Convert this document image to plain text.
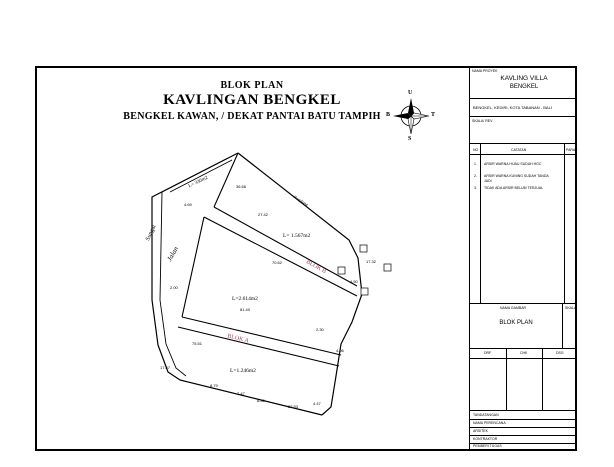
BLOK PLAN
KAVLINGAN BENGKEL
BENGKEL KAWAN, / DEKAT PANTAI BATU TAMPIH
36.66
27.42
17.32
4.50
70.62
81.40
2.00
75.51
8.79
7.47
8.46
22.93
4.47
17.57
4.69
2.30
4.06
Sungai
Jalan
L= 330m2
L= 1.567m2
L=2.614m2
L=1.246m2
BLOK B
BLOK A
Pangkung
U
S
B	T
NAMA PROYEK
KAVLING VILLA
BENGKEL
BENGKEL, KEDIRI, KOTA TABANAN - BALI
SKALA/ REV
NO	CATATAN	PARAF
1. ARSIR WARNA HIJAU SUDAH HGC
2. ARSIR WARNA KUNING SUDAH TANDA JADI
3. TIDAK ADA ARSIR BELUM TERJUAL
NAMA GAMBAR	SKALA
BLOK PLAN
DRF	CHK	DSG
TANDATANGAN
NAMA PERENCANA
ARSITEK
KONTRAKTOR
PEMBERI TUGAS
